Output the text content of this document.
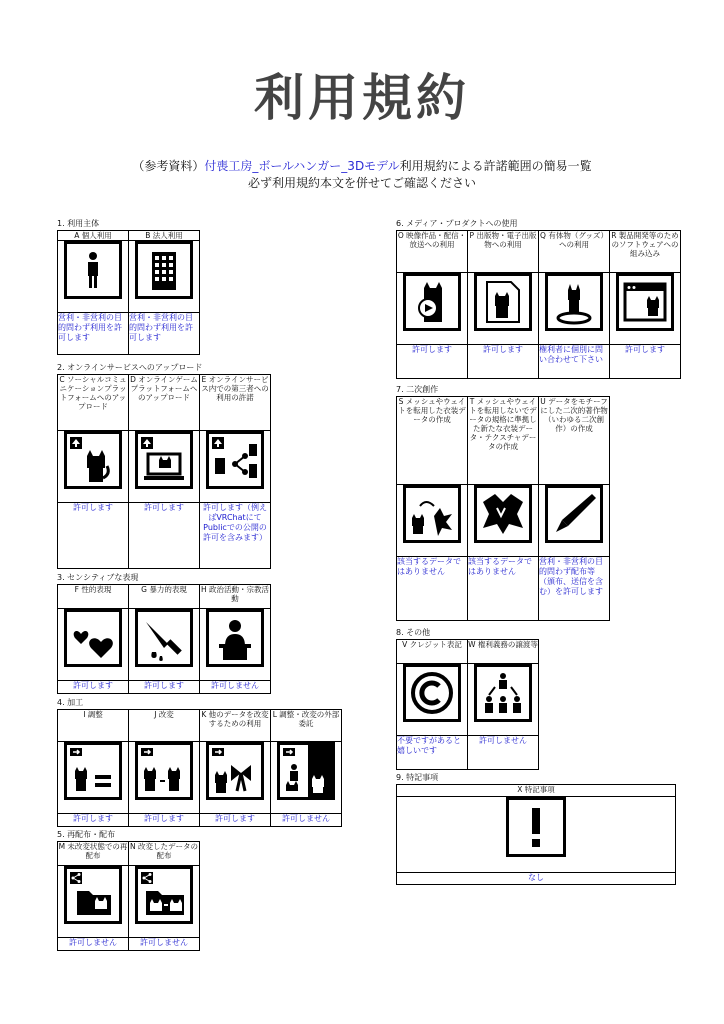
利用規約
（参考資料）付喪工房_ボールハンガー_3Dモデル利用規約による許諾範囲の簡易一覧
必ず利用規約本文を併せてご確認ください
1. 利用主体
A 個人利用	B 法人利用

営利・非営利の目的問わず利用を許可します	営利・非営利の目的問わず利用を許可します
2. オンラインサービスへのアップロード
C ソーシャルコミュニケーションプラットフォームへのアップロード	D オンラインゲームプラットフォームへのアップロード	E オンラインサービス内での第三者への利用の許諾

許可します	許可します	許可します（例えばVRChatにてPublicでの公開の許可を含みます）
3. センシティブな表現
F 性的表現	G 暴力的表現	H 政治活動・宗教活動

許可します	許可します	許可しません
4. 加工
I 調整	J 改変	K 他のデータを改変するための利用	L 調整・改変の外部委託

許可します	許可します	許可します	許可しません
5. 再配布・配布
M 未改変状態での再配布	N 改変したデータの配布

許可しません	許可しません
6. メディア・プロダクトへの使用
O 映像作品・配信・放送への利用	P 出版物・電子出版物への利用	Q 有体物（グッズ）への利用	R 製品開発等のためのソフトウェアへの組み込み

許可します	許可します	権利者に個別に問い合わせて下さい	許可します
7. 二次創作
S メッシュやウェイトを転用した衣装データの作成	T メッシュやウェイトを転用しないでデータの規格に準拠した新たな衣装データ・テクスチャデータの作成	U データをモチーフにした二次的著作物（いわゆる二次創作）の作成

該当するデータではありません	該当するデータではありません	営利・非営利の目的問わず配布等（頒布、送信を含む）を許可します
8. その他
V クレジット表記	W 権利義務の譲渡等

不要ですがあると嬉しいです	許可しません
9. 特記事項
X 特記事項

なし
